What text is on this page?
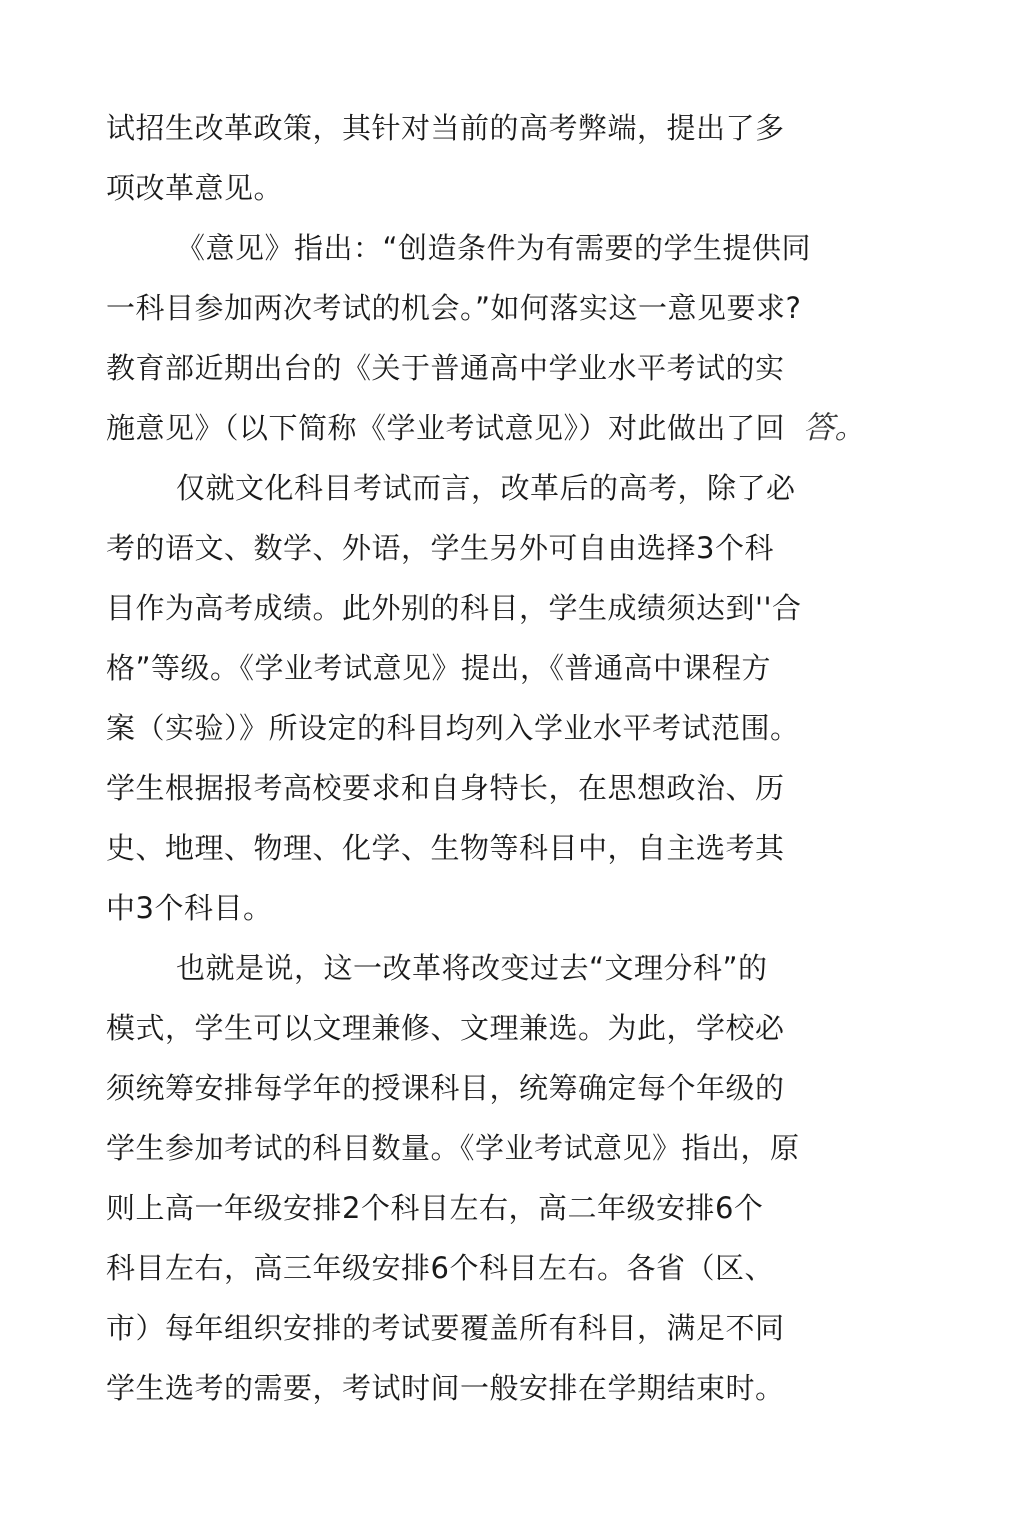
试招生改革政策，其针对当前的高考弊端，提出了多
项改革意见。
《意见》指出：“创造条件为有需要的学生提供同
一科目参加两次考试的机会。”如何落实这一意见要求?
教育部近期出台的《关于普通高中学业水平考试的实
施意见》（以下简称《学业考试意见》）对此做出了回 答。
仅就文化科目考试而言，改革后的高考，除了必
考的语文、数学、外语，学生另外可自由选择3个科
目作为高考成绩。此外别的科目，学生成绩须达到''合
格”等级。《学业考试意见》提出，《普通高中课程方
案（实验）》所设定的科目均列入学业水平考试范围。
学生根据报考高校要求和自身特长，在思想政治、历
史、地理、物理、化学、生物等科目中，自主选考其
中3个科目。
也就是说，这一改革将改变过去“文理分科”的
模式，学生可以文理兼修、文理兼选。为此，学校必
须统筹安排每学年的授课科目，统筹确定每个年级的
学生参加考试的科目数量。《学业考试意见》指出，原
则上高一年级安排2个科目左右，高二年级安排6个
科目左右，高三年级安排6个科目左右。各省（区、
市）每年组织安排的考试要覆盖所有科目，满足不同
学生选考的需要，考试时间一般安排在学期结束时。
